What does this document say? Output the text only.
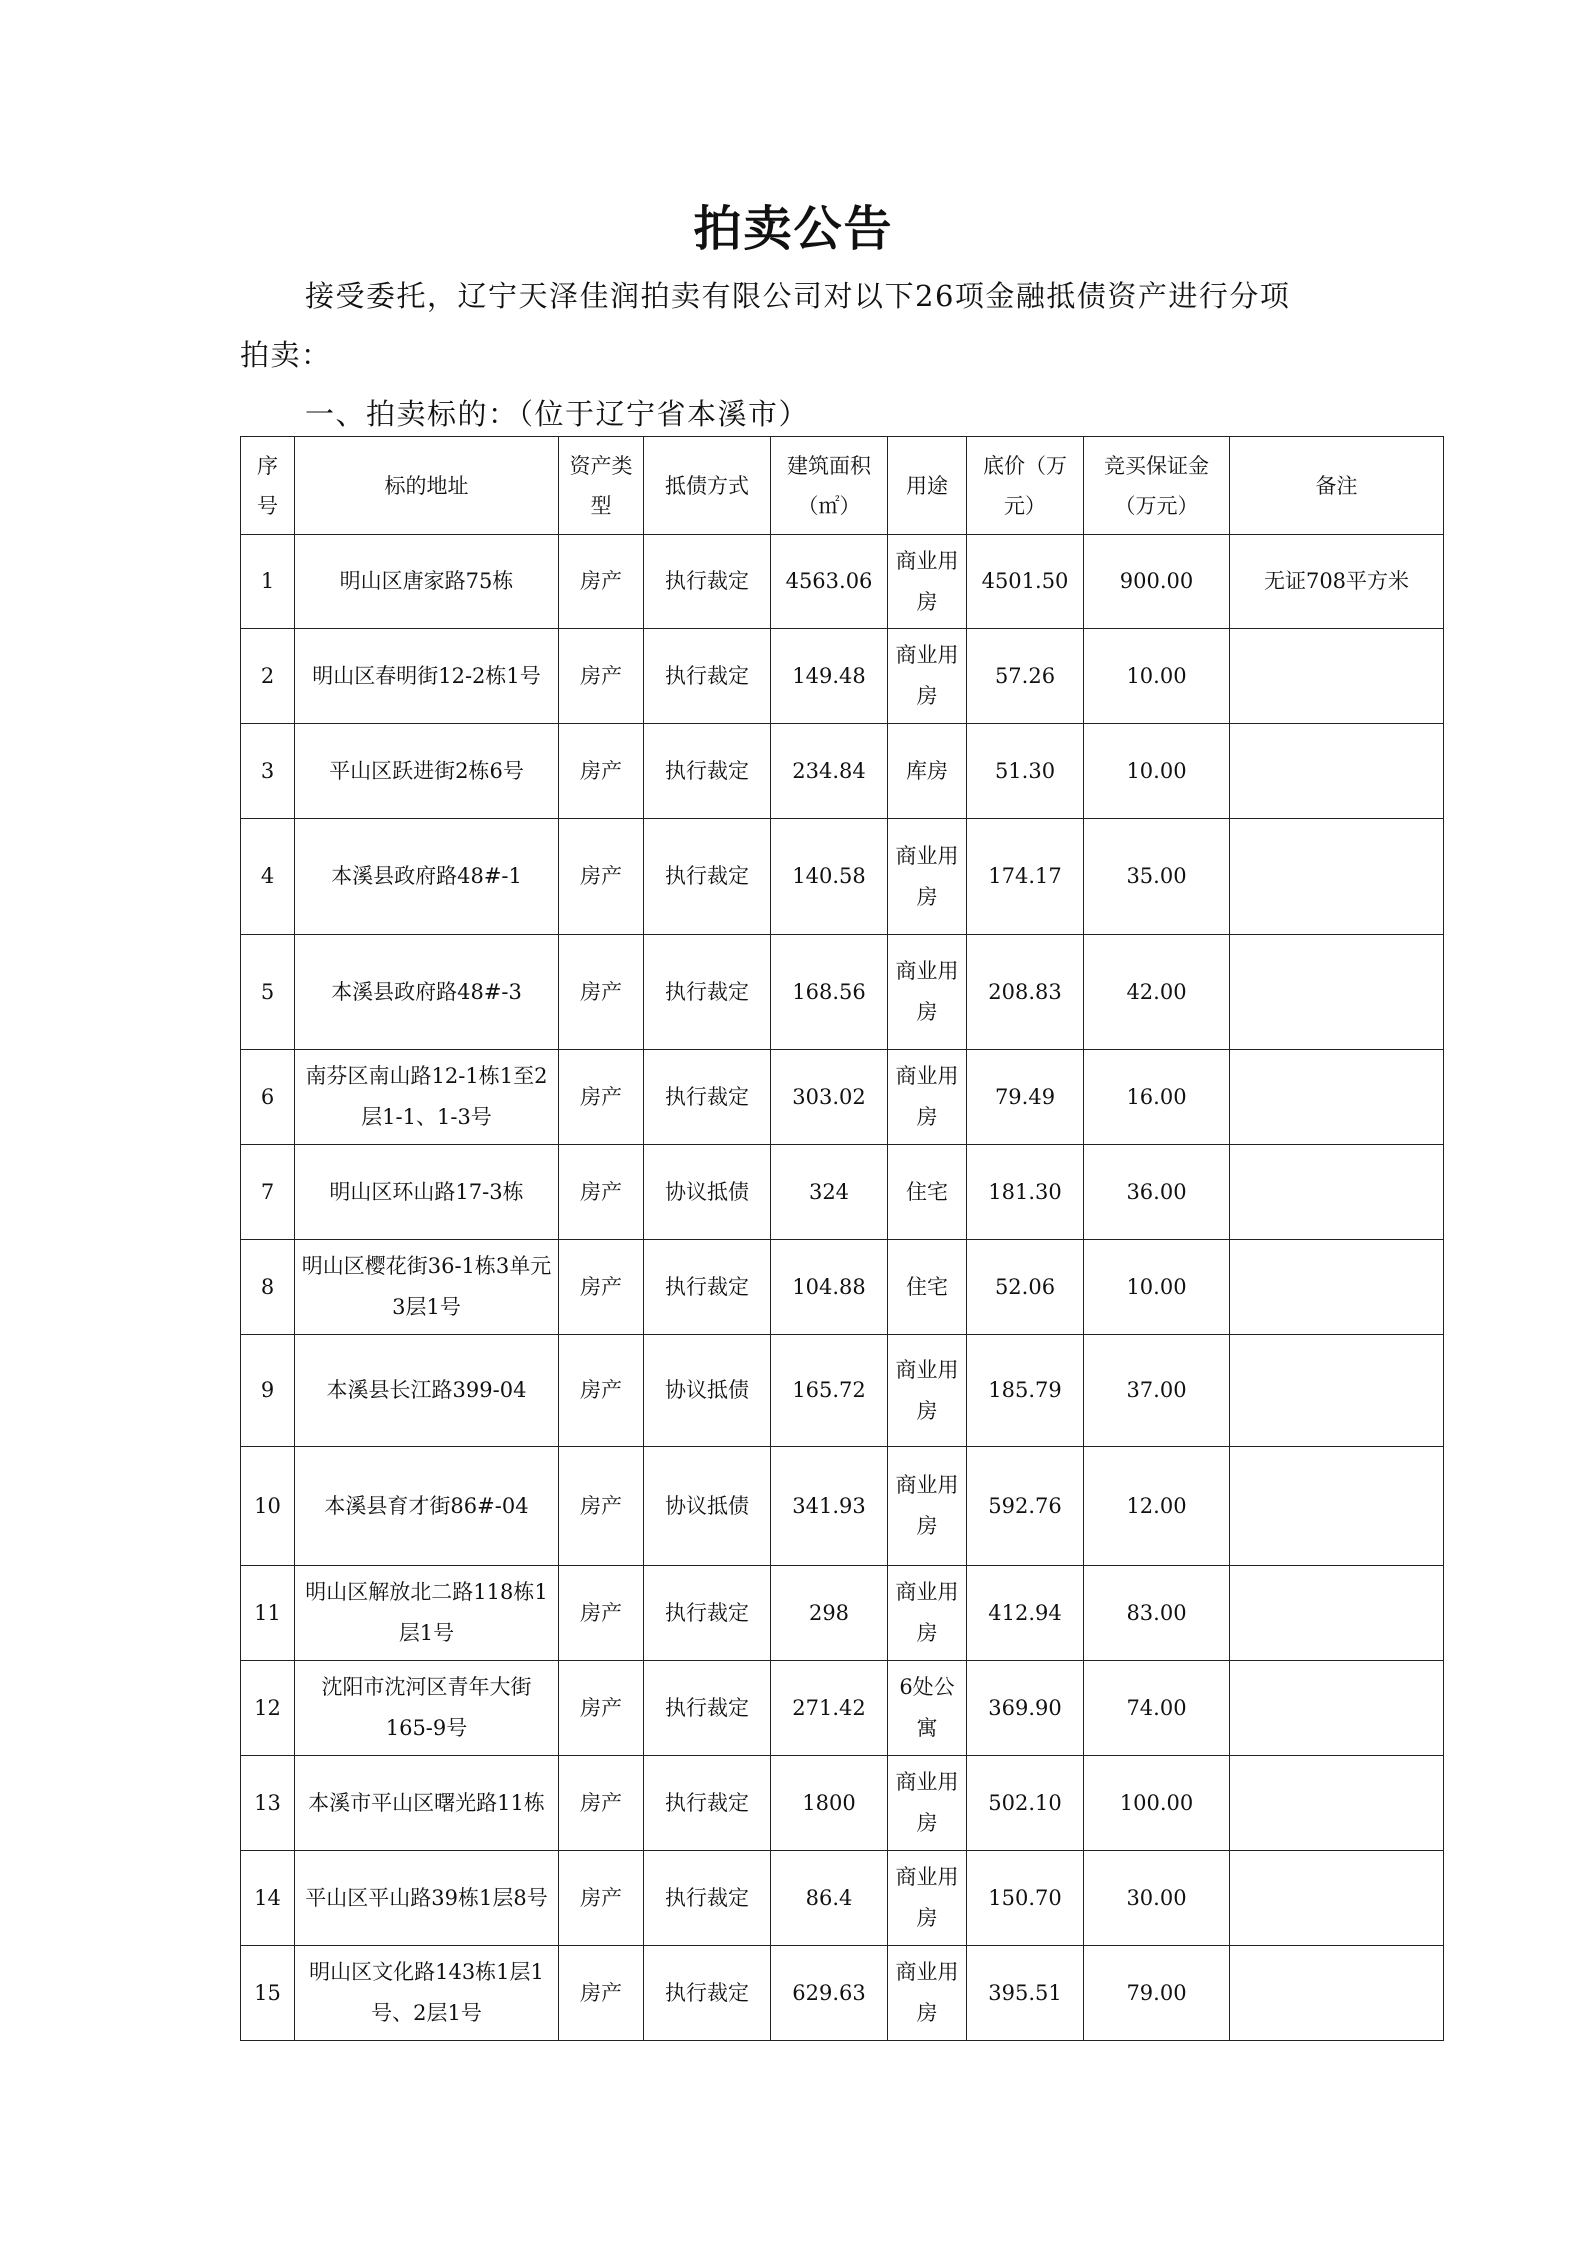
拍卖公告
接受委托，辽宁天泽佳润拍卖有限公司对以下26项金融抵债资产进行分项
拍卖：
一、拍卖标的：（位于辽宁省本溪市）
序号	标的地址	资产类型	抵债方式	建筑面积（㎡）	用途	底价（万元）	竞买保证金（万元）	备注
1	明山区唐家路75栋	房产	执行裁定	4563.06	商业用房	4501.50	900.00	无证708平方米
2	明山区春明街12-2栋1号	房产	执行裁定	149.48	商业用房	57.26	10.00	
3	平山区跃进街2栋6号	房产	执行裁定	234.84	库房	51.30	10.00	
4	本溪县政府路48#-1	房产	执行裁定	140.58	商业用房	174.17	35.00	
5	本溪县政府路48#-3	房产	执行裁定	168.56	商业用房	208.83	42.00	
6	南芬区南山路12-1栋1至2层1-1、1-3号	房产	执行裁定	303.02	商业用房	79.49	16.00	
7	明山区环山路17-3栋	房产	协议抵债	324	住宅	181.30	36.00	
8	明山区樱花街36-1栋3单元3层1号	房产	执行裁定	104.88	住宅	52.06	10.00	
9	本溪县长江路399-04	房产	协议抵债	165.72	商业用房	185.79	37.00	
10	本溪县育才街86#-04	房产	协议抵债	341.93	商业用房	592.76	12.00	
11	明山区解放北二路118栋1层1号	房产	执行裁定	298	商业用房	412.94	83.00	
12	沈阳市沈河区青年大街165-9号	房产	执行裁定	271.42	6处公寓	369.90	74.00	
13	本溪市平山区曙光路11栋	房产	执行裁定	1800	商业用房	502.10	100.00	
14	平山区平山路39栋1层8号	房产	执行裁定	86.4	商业用房	150.70	30.00	
15	明山区文化路143栋1层1号、2层1号	房产	执行裁定	629.63	商业用房	395.51	79.00	
